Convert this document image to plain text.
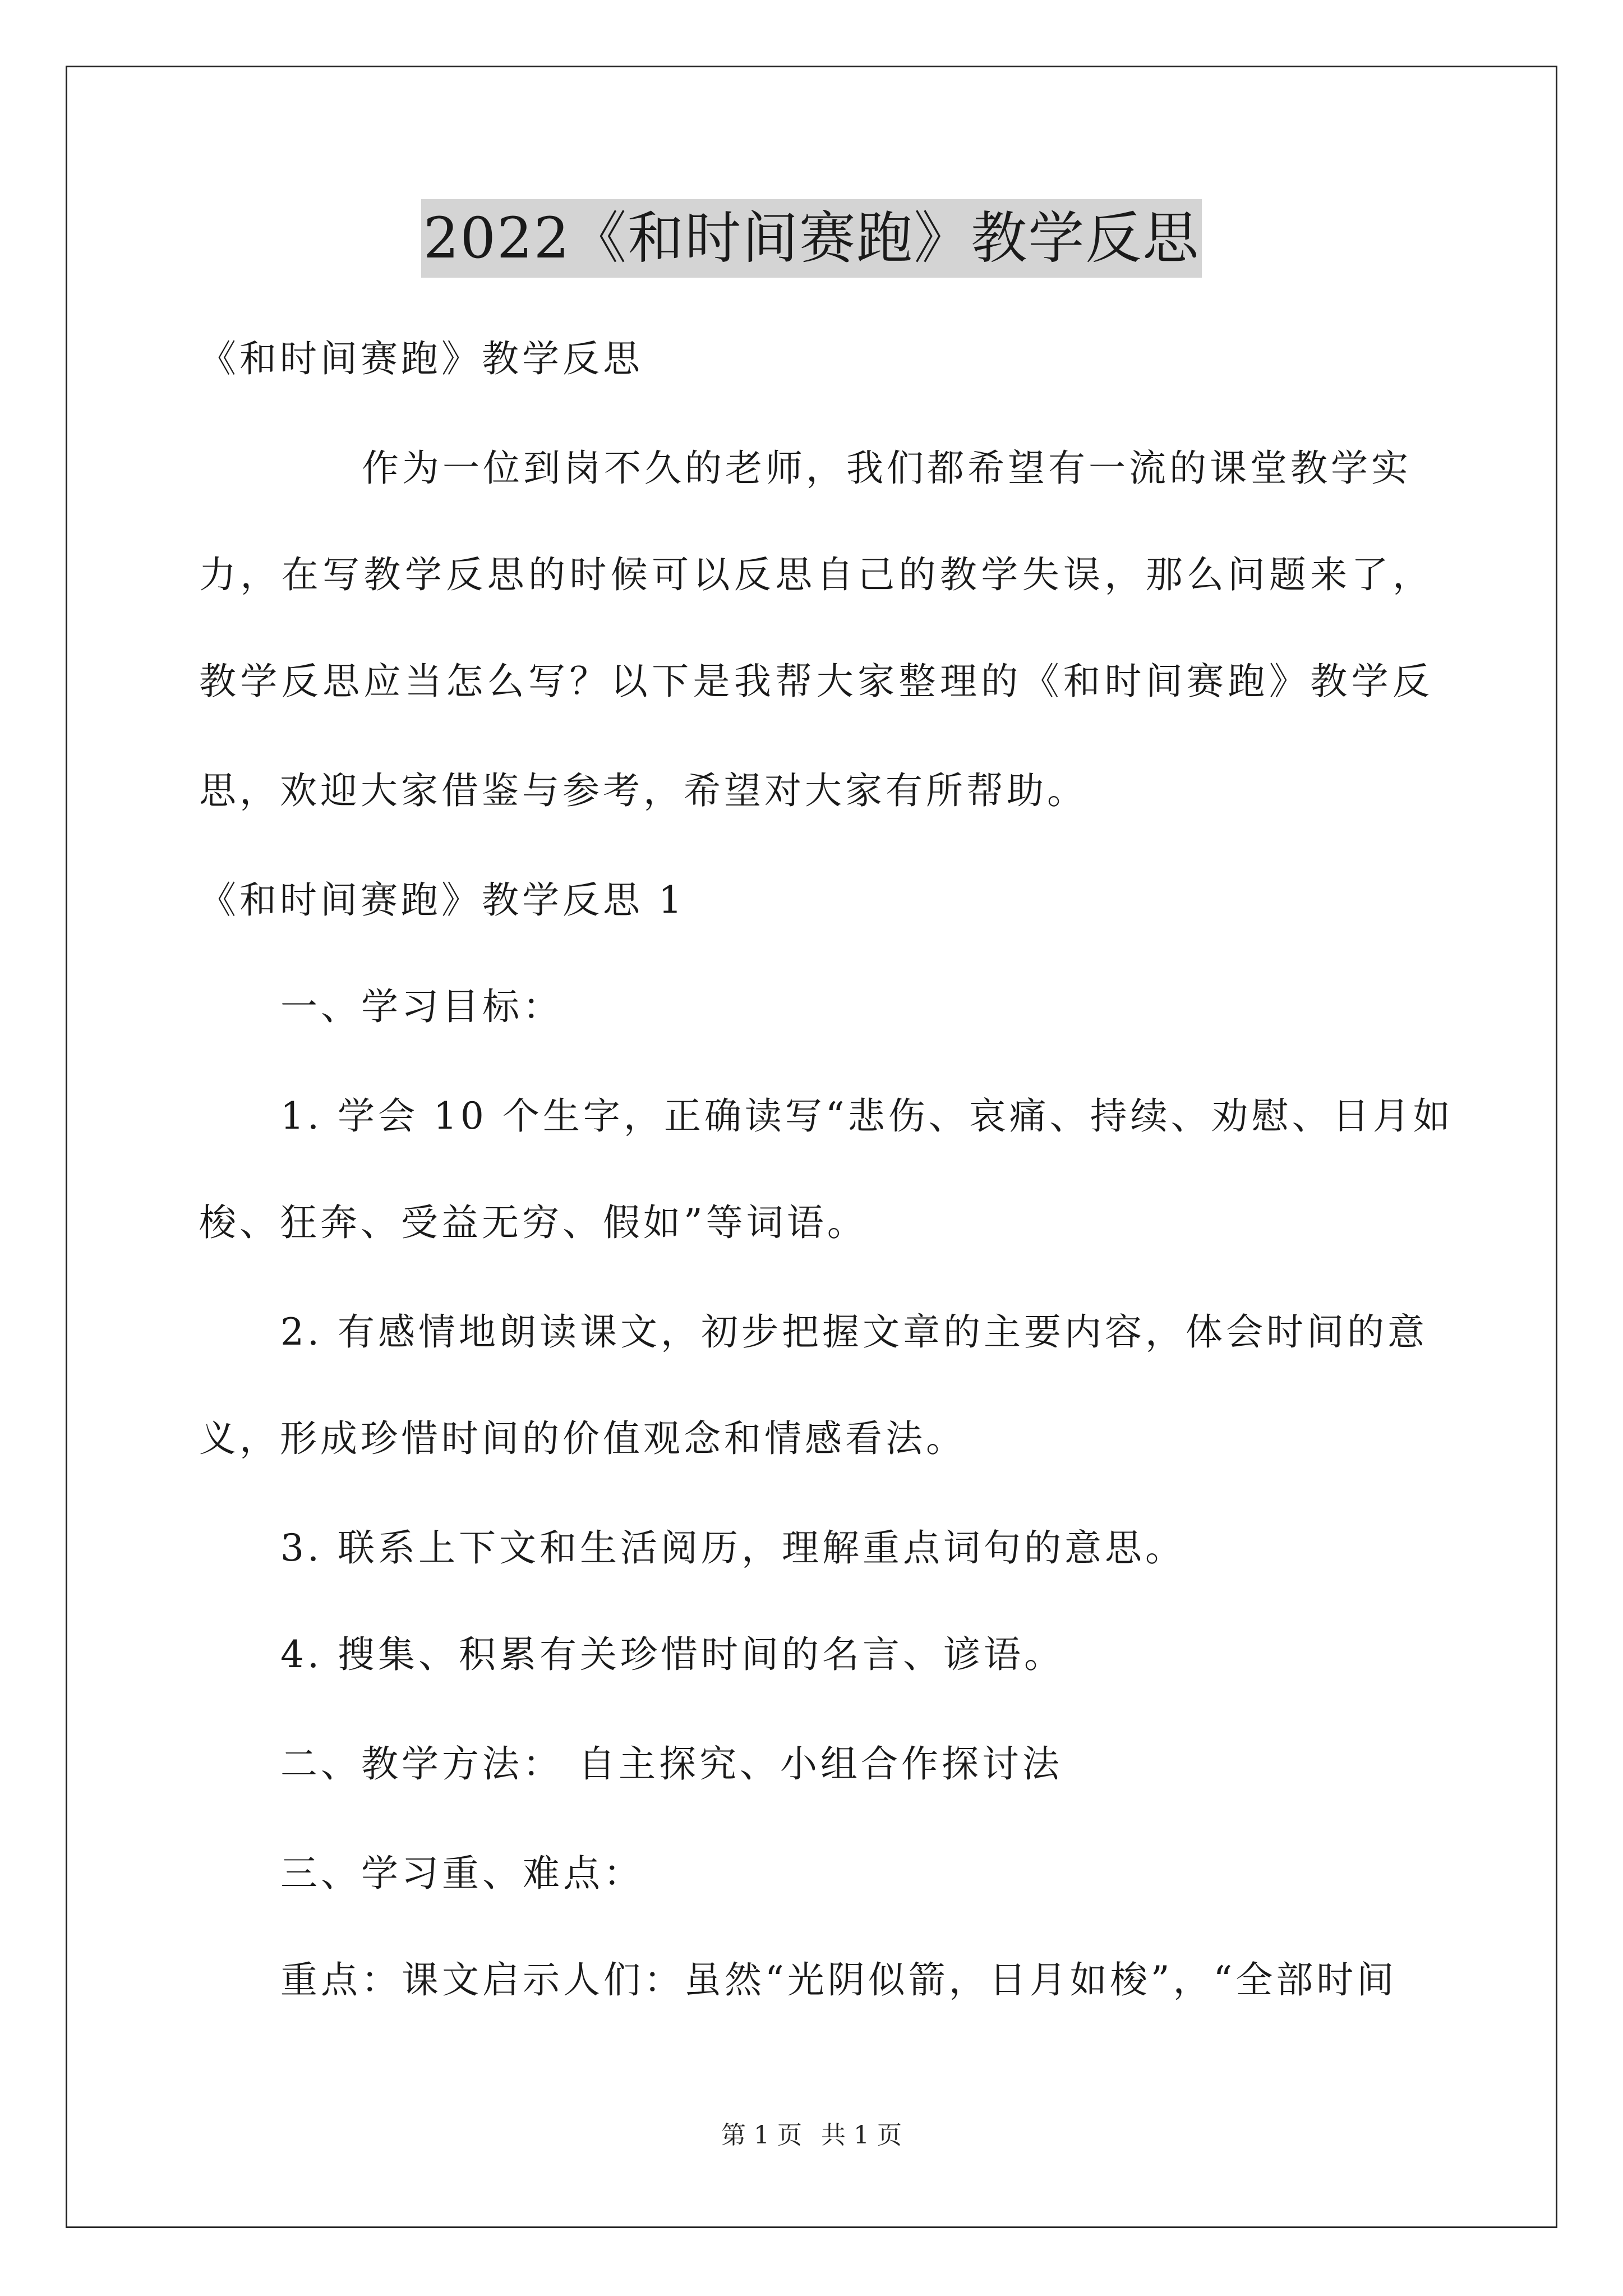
2022《和时间赛跑》教学反思
《和时间赛跑》教学反思
作为一位到岗不久的老师，我们都希望有一流的课堂教学实
力，在写教学反思的时候可以反思自己的教学失误，那么问题来了，
教学反思应当怎么写？以下是我帮大家整理的《和时间赛跑》教学反
思，欢迎大家借鉴与参考，希望对大家有所帮助。
《和时间赛跑》教学反思 1
一、学习目标：
1. 学会 10 个生字，正确读写“悲伤、哀痛、持续、劝慰、日月如
梭、狂奔、受益无穷、假如”等词语。
2. 有感情地朗读课文，初步把握文章的主要内容，体会时间的意
义，形成珍惜时间的价值观念和情感看法。
3. 联系上下文和生活阅历，理解重点词句的意思。
4. 搜集、积累有关珍惜时间的名言、谚语。
二、教学方法： 自主探究、小组合作探讨法
三、学习重、难点：
重点：课文启示人们：虽然“光阴似箭，日月如梭”，“全部时间
第 1 页 共 1 页
